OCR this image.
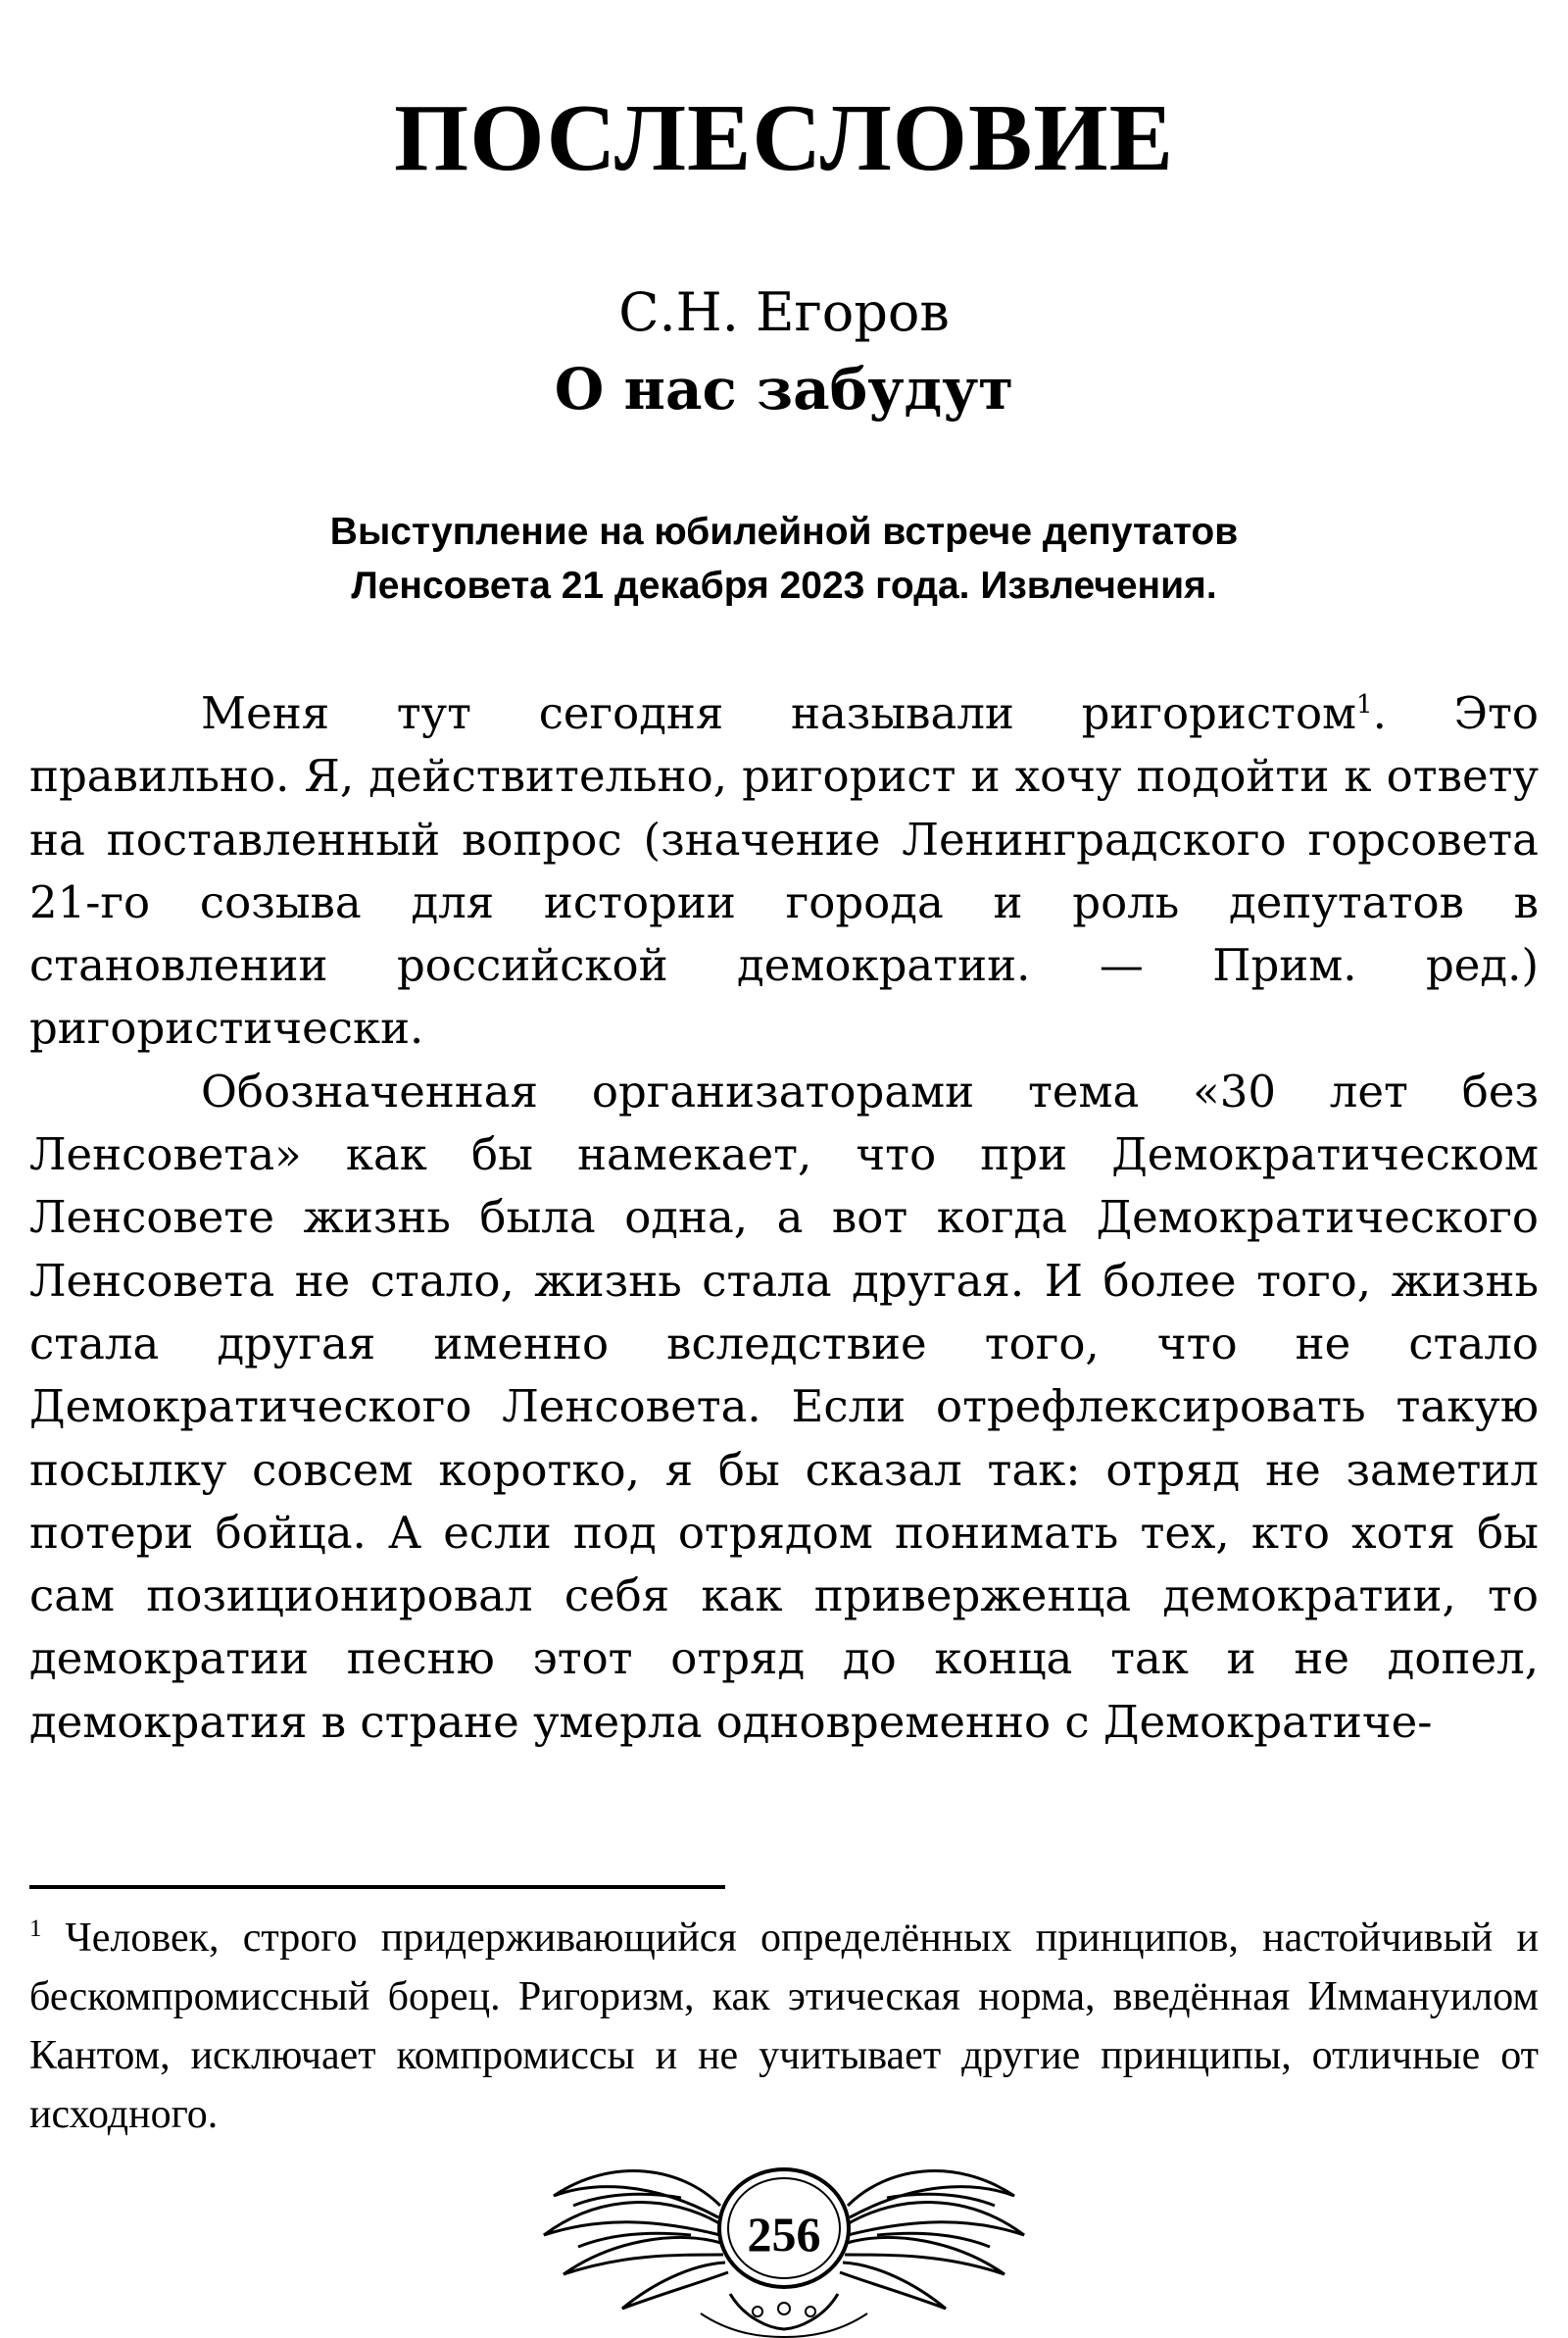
ПОСЛЕСЛОВИЕ
С.Н. Егоров
О нас забудут
Выступление на юбилейной встрече депутатов
Ленсовета 21 декабря 2023 года. Извлечения.

Меня тут сегодня называли ригористом$^1$. Это правильно. Я, действительно, ригорист и хочу подойти к ответу на поставленный вопрос (значение Ленинградского горсовета 21-го созыва для истории города и роль депутатов в становлении российской демократии. — Прим. ред.) ригористически.

Обозначенная организаторами тема «30 лет без Ленсовета» как бы намекает, что при Демократическом Ленсовете жизнь была одна, а вот когда Демократического Ленсовета не стало, жизнь стала другая. И более того, жизнь стала другая именно вследствие того, что не стало Демократического Ленсовета. Если отрефлексировать такую посылку совсем коротко, я бы сказал так: отряд не заметил потери бойца. А если под отрядом понимать тех, кто хотя бы сам позиционировал себя как приверженца демократии, то демократии песню этот отряд до конца так и не допел, демократия в стране умерла одновременно с Демократиче-

$^1$ Человек, строго придерживающийся определённых принципов, настойчивый и бескомпромиссный борец. Ригоризм, как этическая норма, введённая Иммануилом Кантом, исключает компромиссы и не учитывает другие принципы, отличные от исходного.
256
